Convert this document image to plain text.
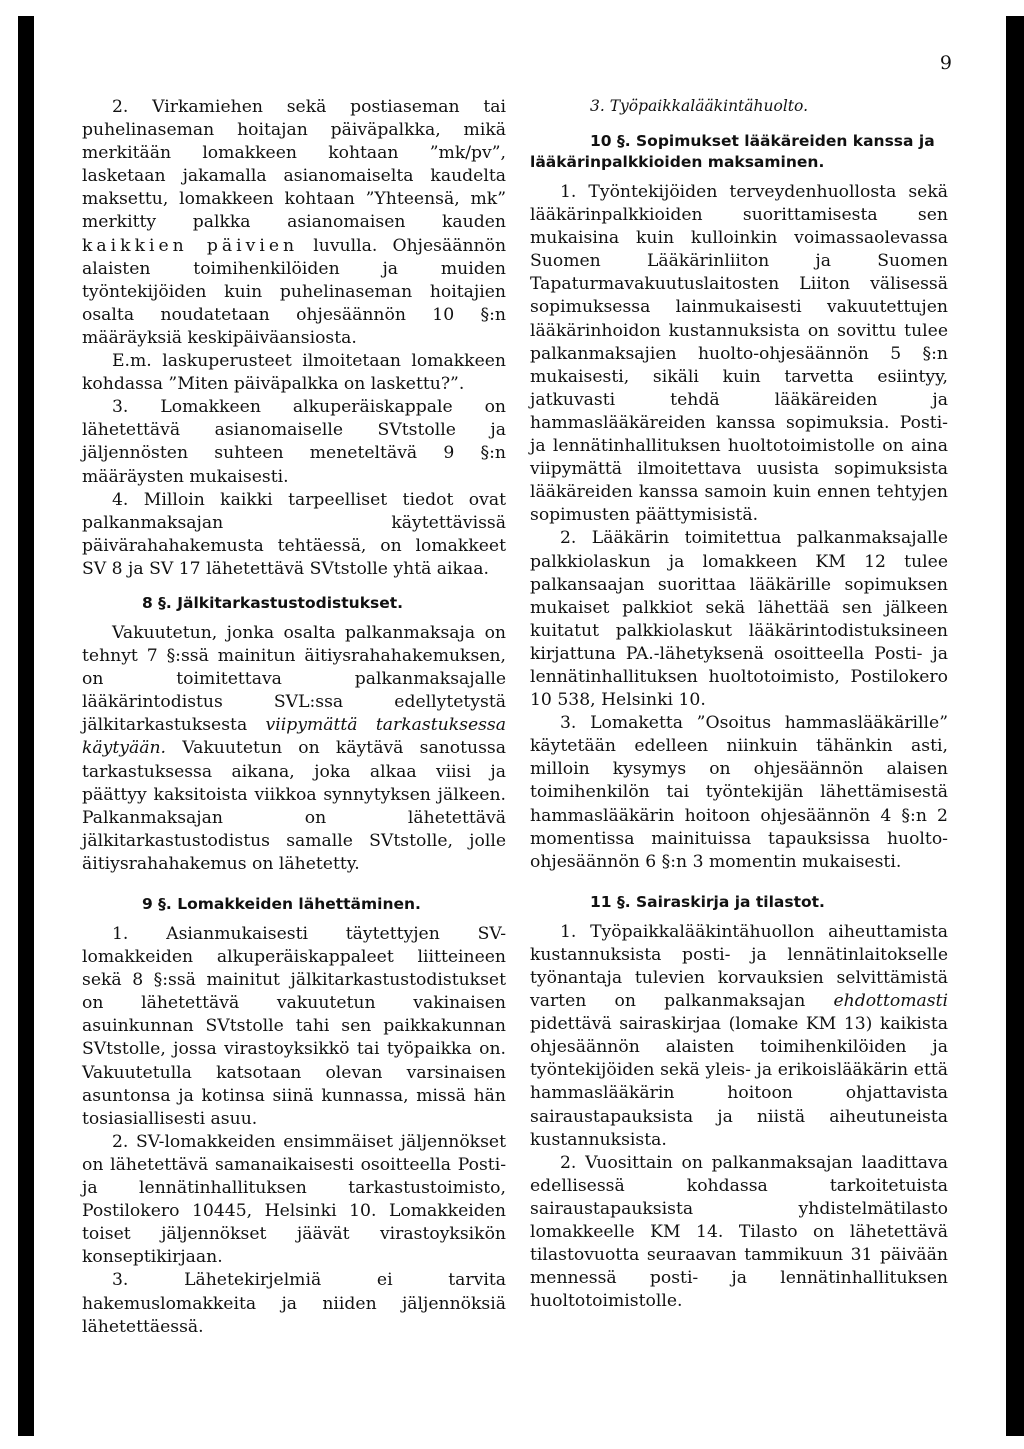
9

2. Virkamiehen sekä postiaseman tai puhelinaseman hoitajan päiväpalkka, mikä merkitään lomakkeen kohtaan ”mk/pv”, lasketaan jakamalla asianomaiselta kaudelta maksettu, lomakkeen kohtaan ”Yhteensä, mk” merkitty palkka asianomaisen kauden kaikkien päivien luvulla. Ohjesäännön alaisten toimihenkilöiden ja muiden työntekijöiden kuin puhelinaseman hoitajien osalta noudatetaan ohjesäännön 10 §:n määräyksiä keskipäiväansiosta.

E.m. laskuperusteet ilmoitetaan lomakkeen kohdassa ”Miten päiväpalkka on laskettu?”.

3. Lomakkeen alkuperäiskappale on lähetettävä asianomaiselle SVtstolle ja jäljennösten suhteen meneteltävä 9 §:n määräysten mukaisesti.

4. Milloin kaikki tarpeelliset tiedot ovat palkanmaksajan käytettävissä päivärahahakemusta tehtäessä, on lomakkeet SV 8 ja SV 17 lähetettävä SVtstolle yhtä aikaa.

8 §. Jälkitarkastustodistukset.

Vakuutetun, jonka osalta palkanmaksaja on tehnyt 7 §:ssä mainitun äitiysrahahakemuksen, on toimitettava palkanmaksajalle lääkärintodistus SVL:ssa edellytetystä jälkitarkastuksesta viipymättä tarkastuksessa käytyään. Vakuutetun on käytävä sanotussa tarkastuksessa aikana, joka alkaa viisi ja päättyy kaksitoista viikkoa synnytyksen jälkeen. Palkanmaksajan on lähetettävä jälkitarkastustodistus samalle SVtstolle, jolle äitiysrahahakemus on lähetetty.

9 §. Lomakkeiden lähettäminen.

1. Asianmukaisesti täytettyjen SV-lomakkeiden alkuperäiskappaleet liitteineen sekä 8 §:ssä mainitut jälkitarkastustodistukset on lähetettävä vakuutetun vakinaisen asuinkunnan SVtstolle tahi sen paikkakunnan SVtstolle, jossa virastoyksikkö tai työpaikka on. Vakuutetulla katsotaan olevan varsinaisen asuntonsa ja kotinsa siinä kunnassa, missä hän tosiasiallisesti asuu.

2. SV-lomakkeiden ensimmäiset jäljennökset on lähetettävä samanaikaisesti osoitteella Posti- ja lennätinhallituksen tarkastustoimisto, Postilokero 10445, Helsinki 10. Lomakkeiden toiset jäljennökset jäävät virastoyksikön konseptikirjaan.

3. Lähetekirjelmiä ei tarvita hakemuslomakkeita ja niiden jäljennöksiä lähetettäessä.

3. Työpaikkalääkintähuolto.
10 §. Sopimukset lääkäreiden kanssa ja lääkärinpalkkioiden maksaminen.

1. Työntekijöiden terveydenhuollosta sekä lääkärinpalkkioiden suorittamisesta sen mukaisina kuin kulloinkin voimassaolevassa Suomen Lääkärinliiton ja Suomen Tapaturmavakuutuslaitosten Liiton välisessä sopimuksessa lainmukaisesti vakuutettujen lääkärinhoidon kustannuksista on sovittu tulee palkanmaksajien huolto-ohjesäännön 5 §:n mukaisesti, sikäli kuin tarvetta esiintyy, jatkuvasti tehdä lääkäreiden ja hammaslääkäreiden kanssa sopimuksia. Posti- ja lennätinhallituksen huoltotoimistolle on aina viipymättä ilmoitettava uusista sopimuksista lääkäreiden kanssa samoin kuin ennen tehtyjen sopimusten päättymisistä.

2. Lääkärin toimitettua palkanmaksajalle palkkiolaskun ja lomakkeen KM 12 tulee palkansaajan suorittaa lääkärille sopimuksen mukaiset palkkiot sekä lähettää sen jälkeen kuitatut palkkiolaskut lääkärintodistuksineen kirjattuna PA.-lähetyksenä osoitteella Posti- ja lennätinhallituksen huoltotoimisto, Postilokero 10 538, Helsinki 10.

3. Lomaketta ”Osoitus hammaslääkärille” käytetään edelleen niinkuin tähänkin asti, milloin kysymys on ohjesäännön alaisen toimihenkilön tai työntekijän lähettämisestä hammaslääkärin hoitoon ohjesäännön 4 §:n 2 momentissa mainituissa tapauksissa huolto-ohjesäännön 6 §:n 3 momentin mukaisesti.

11 §. Sairaskirja ja tilastot.

1. Työpaikkalääkintähuollon aiheuttamista kustannuksista posti- ja lennätinlaitokselle työnantaja tulevien korvauksien selvittämistä varten on palkanmaksajan ehdottomasti pidettävä sairaskirjaa (lomake KM 13) kaikista ohjesäännön alaisten toimihenkilöiden ja työntekijöiden sekä yleis- ja erikoislääkärin että hammaslääkärin hoitoon ohjattavista sairaustapauksista ja niistä aiheutuneista kustannuksista.

2. Vuosittain on palkanmaksajan laadittava edellisessä kohdassa tarkoitetuista sairaustapauksista yhdistelmätilasto lomakkeelle KM 14. Tilasto on lähetettävä tilastovuotta seuraavan tammikuun 31 päivään mennessä posti- ja lennätinhallituksen huoltotoimistolle.
